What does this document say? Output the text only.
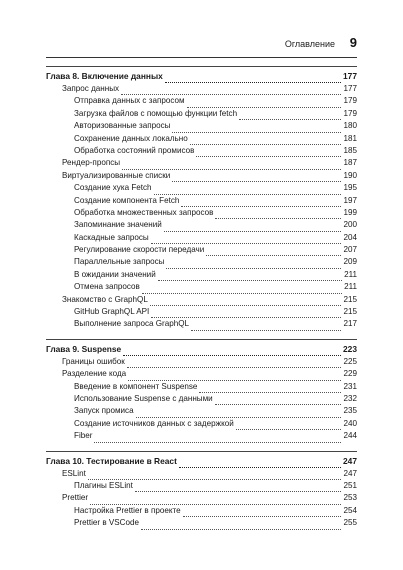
Оглавление 9
Глава 8. Включение данных	177
Запрос данных	177
Отправка данных с запросом	179
Загрузка файлов с помощью функции fetch	179
Авторизованные запросы	180
Сохранение данных локально	181
Обработка состояний промисов	185
Рендер-пропсы	187
Виртуализированные списки	190
Создание хука Fetch	195
Создание компонента Fetch	197
Обработка множественных запросов	199
Запоминание значений	200
Каскадные запросы	204
Регулирование скорости передачи	207
Параллельные запросы	209
В ожидании значений	211
Отмена запросов	211
Знакомство с GraphQL	215
GitHub GraphQL API	215
Выполнение запроса GraphQL	217
Глава 9. Suspense	223
Границы ошибок	225
Разделение кода	229
Введение в компонент Suspense	231
Использование Suspense с данными	232
Запуск промиса	235
Создание источников данных с задержкой	240
Fiber	244
Глава 10. Тестирование в React	247
ESLint	247
Плагины ESLint	251
Prettier	253
Настройка Prettier в проекте	254
Prettier в VSCode	255
